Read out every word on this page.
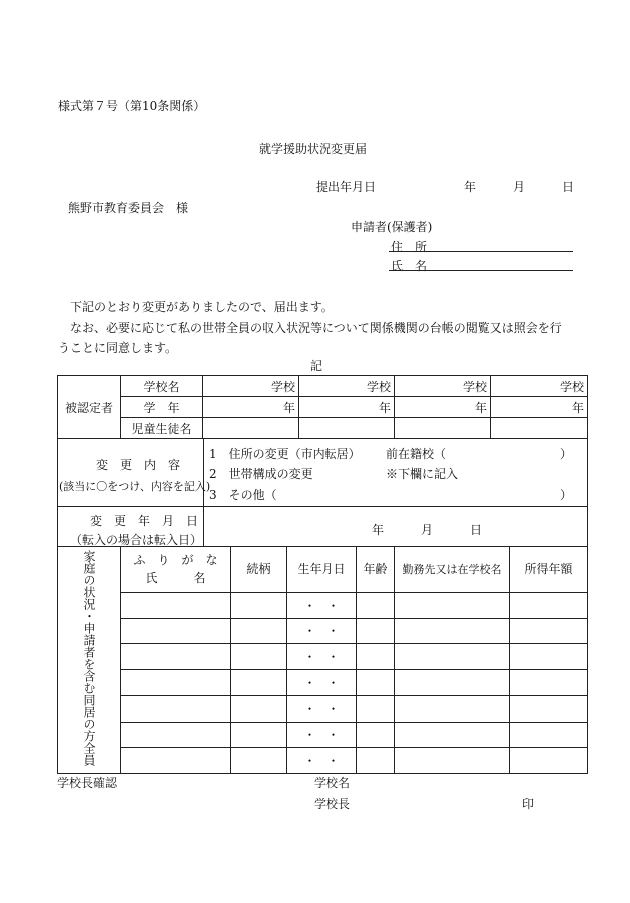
様式第７号（第10条関係）
就学援助状況変更届
提出年月日	年	月	日
熊野市教育委員会　様
申請者(保護者)
住　所
氏　名
下記のとおり変更がありましたので、届出ます。
なお、必要に応じて私の世帯全員の収入状況等について関係機関の台帳の閲覧又は照会を行
うことに同意します。
記
被認定者	学校名	学校	学校	学校	学校
	学　年	年	年	年	年
	児童生徒名				
変　更　内　容
(該当に〇をつけ、内容を記入)
1　住所の変更（市内転居） 前在籍校（	）
2　世帯構成の変更	※下欄に記入
3　その他（	）
変　更　年　月　日
（転入の場合は転入日）
年	月	日
家庭の状況・申請者を含む同居の方全員	ふ　り　が　な
氏　　　名	続柄	生年月日	年齢	勤務先又は在学校名	所得年額
			・　・			
			・　・			
			・　・			
			・　・			
			・　・			
			・　・			
			・　・			
学校長確認	学校名
学校長	印
